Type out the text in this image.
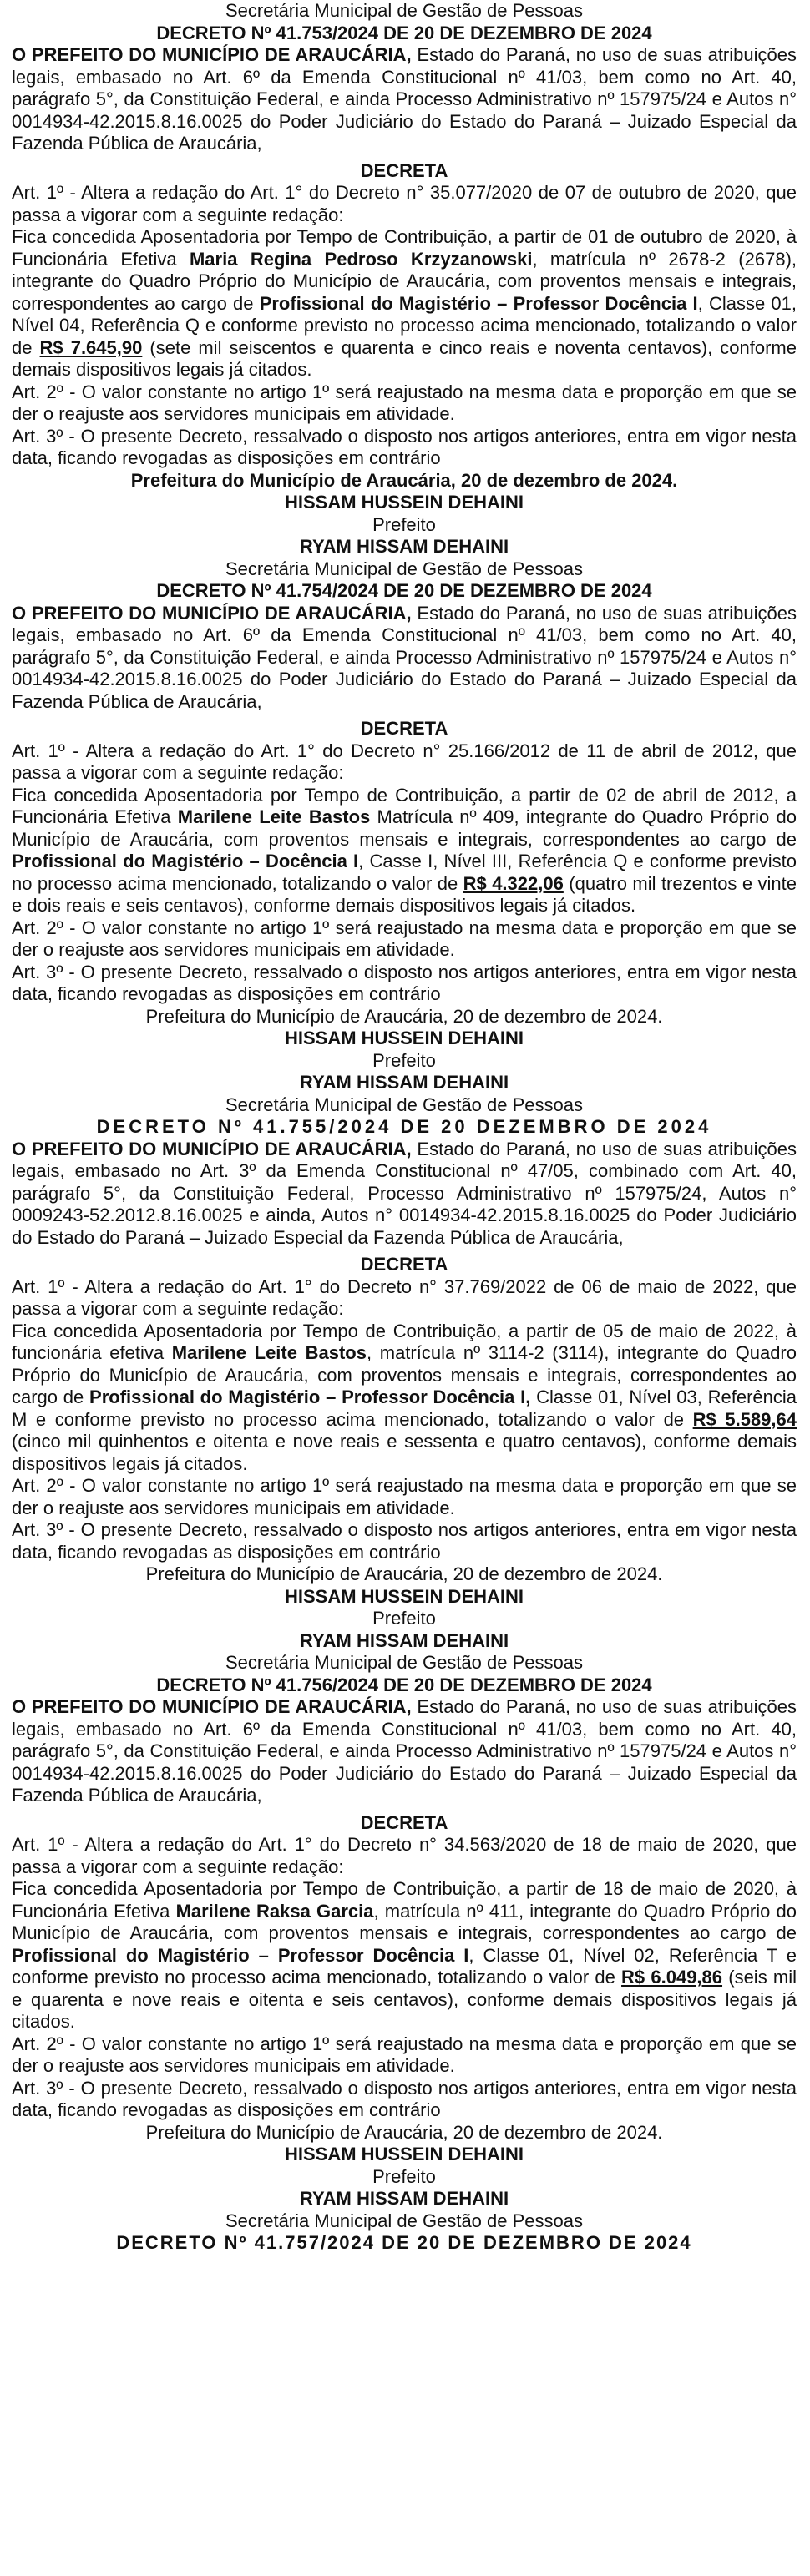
Secretária Municipal de Gestão de Pessoas
DECRETO Nº 41.753/2024 DE 20 DE DEZEMBRO DE 2024

O PREFEITO DO MUNICÍPIO DE ARAUCÁRIA, Estado do Paraná, no uso de suas atribuições legais, embasado no Art. 6º da Emenda Constitucional nº 41/03, bem como no Art. 40, parágrafo 5°, da Constituição Federal, e ainda Processo Administrativo nº 157975/24 e Autos n° 0014934-42.2015.8.16.0025 do Poder Judiciário do Estado do Paraná – Juizado Especial da Fazenda Pública de Araucária,

DECRETA

Art. 1º - Altera a redação do Art. 1° do Decreto n° 35.077/2020 de 07 de outubro de 2020, que passa a vigorar com a seguinte redação:

Fica concedida Aposentadoria por Tempo de Contribuição, a partir de 01 de outubro de 2020, à Funcionária Efetiva Maria Regina Pedroso Krzyzanowski, matrícula nº 2678-2 (2678), integrante do Quadro Próprio do Município de Araucária, com proventos mensais e integrais, correspondentes ao cargo de Profissional do Magistério – Professor Docência I, Classe 01, Nível 04, Referência Q e conforme previsto no processo acima mencionado, totalizando o valor de R$ 7.645,90 (sete mil seiscentos e quarenta e cinco reais e noventa centavos), conforme demais dispositivos legais já citados.

Art. 2º - O valor constante no artigo 1º será reajustado na mesma data e proporção em que se der o reajuste aos servidores municipais em atividade.

Art. 3º - O presente Decreto, ressalvado o disposto nos artigos anteriores, entra em vigor nesta data, ficando revogadas as disposições em contrário

Prefeitura do Município de Araucária, 20 de dezembro de 2024.
HISSAM HUSSEIN DEHAINI
Prefeito
RYAM HISSAM DEHAINI
Secretária Municipal de Gestão de Pessoas
DECRETO Nº 41.754/2024 DE 20 DE DEZEMBRO DE 2024

O PREFEITO DO MUNICÍPIO DE ARAUCÁRIA, Estado do Paraná, no uso de suas atribuições legais, embasado no Art. 6º da Emenda Constitucional nº 41/03, bem como no Art. 40, parágrafo 5°, da Constituição Federal, e ainda Processo Administrativo nº 157975/24 e Autos n° 0014934-42.2015.8.16.0025 do Poder Judiciário do Estado do Paraná – Juizado Especial da Fazenda Pública de Araucária,

DECRETA

Art. 1º - Altera a redação do Art. 1° do Decreto n° 25.166/2012 de 11 de abril de 2012, que passa a vigorar com a seguinte redação:

Fica concedida Aposentadoria por Tempo de Contribuição, a partir de 02 de abril de 2012, a Funcionária Efetiva Marilene Leite Bastos Matrícula nº 409, integrante do Quadro Próprio do Município de Araucária, com proventos mensais e integrais, correspondentes ao cargo de Profissional do Magistério – Docência I, Casse I, Nível III, Referência Q e conforme previsto no processo acima mencionado, totalizando o valor de R$ 4.322,06 (quatro mil trezentos e vinte e dois reais e seis centavos), conforme demais dispositivos legais já citados.

Art. 2º - O valor constante no artigo 1º será reajustado na mesma data e proporção em que se der o reajuste aos servidores municipais em atividade.

Art. 3º - O presente Decreto, ressalvado o disposto nos artigos anteriores, entra em vigor nesta data, ficando revogadas as disposições em contrário

Prefeitura do Município de Araucária, 20 de dezembro de 2024.
HISSAM HUSSEIN DEHAINI
Prefeito
RYAM HISSAM DEHAINI
Secretária Municipal de Gestão de Pessoas
DECRETO Nº 41.755/2024 DE 20 DEZEMBRO DE 2024

O PREFEITO DO MUNICÍPIO DE ARAUCÁRIA, Estado do Paraná, no uso de suas atribuições legais, embasado no Art. 3º da Emenda Constitucional nº 47/05, combinado com Art. 40, parágrafo 5°, da Constituição Federal, Processo Administrativo nº 157975/24, Autos n° 0009243-52.2012.8.16.0025 e ainda, Autos n° 0014934-42.2015.8.16.0025 do Poder Judiciário do Estado do Paraná – Juizado Especial da Fazenda Pública de Araucária,

DECRETA

Art. 1º - Altera a redação do Art. 1° do Decreto n° 37.769/2022 de 06 de maio de 2022, que passa a vigorar com a seguinte redação:

Fica concedida Aposentadoria por Tempo de Contribuição, a partir de 05 de maio de 2022, à funcionária efetiva Marilene Leite Bastos, matrícula nº 3114-2 (3114), integrante do Quadro Próprio do Município de Araucária, com proventos mensais e integrais, correspondentes ao cargo de Profissional do Magistério – Professor Docência I, Classe 01, Nível 03, Referência M e conforme previsto no processo acima mencionado, totalizando o valor de R$ 5.589,64 (cinco mil quinhentos e oitenta e nove reais e sessenta e quatro centavos), conforme demais dispositivos legais já citados.

Art. 2º - O valor constante no artigo 1º será reajustado na mesma data e proporção em que se der o reajuste aos servidores municipais em atividade.

Art. 3º - O presente Decreto, ressalvado o disposto nos artigos anteriores, entra em vigor nesta data, ficando revogadas as disposições em contrário

Prefeitura do Município de Araucária, 20 de dezembro de 2024.
HISSAM HUSSEIN DEHAINI
Prefeito
RYAM HISSAM DEHAINI
Secretária Municipal de Gestão de Pessoas
DECRETO Nº 41.756/2024 DE 20 DE DEZEMBRO DE 2024

O PREFEITO DO MUNICÍPIO DE ARAUCÁRIA, Estado do Paraná, no uso de suas atribuições legais, embasado no Art. 6º da Emenda Constitucional nº 41/03, bem como no Art. 40, parágrafo 5°, da Constituição Federal, e ainda Processo Administrativo nº 157975/24 e Autos n° 0014934-42.2015.8.16.0025 do Poder Judiciário do Estado do Paraná – Juizado Especial da Fazenda Pública de Araucária,

DECRETA

Art. 1º - Altera a redação do Art. 1° do Decreto n° 34.563/2020 de 18 de maio de 2020, que passa a vigorar com a seguinte redação:

Fica concedida Aposentadoria por Tempo de Contribuição, a partir de 18 de maio de 2020, à Funcionária Efetiva Marilene Raksa Garcia, matrícula nº 411, integrante do Quadro Próprio do Município de Araucária, com proventos mensais e integrais, correspondentes ao cargo de Profissional do Magistério – Professor Docência I, Classe 01, Nível 02, Referência T e conforme previsto no processo acima mencionado, totalizando o valor de R$ 6.049,86 (seis mil e quarenta e nove reais e oitenta e seis centavos), conforme demais dispositivos legais já citados.

Art. 2º - O valor constante no artigo 1º será reajustado na mesma data e proporção em que se der o reajuste aos servidores municipais em atividade.

Art. 3º - O presente Decreto, ressalvado o disposto nos artigos anteriores, entra em vigor nesta data, ficando revogadas as disposições em contrário

Prefeitura do Município de Araucária, 20 de dezembro de 2024.
HISSAM HUSSEIN DEHAINI
Prefeito
RYAM HISSAM DEHAINI
Secretária Municipal de Gestão de Pessoas
DECRETO Nº 41.757/2024 DE 20 DE DEZEMBRO DE 2024
